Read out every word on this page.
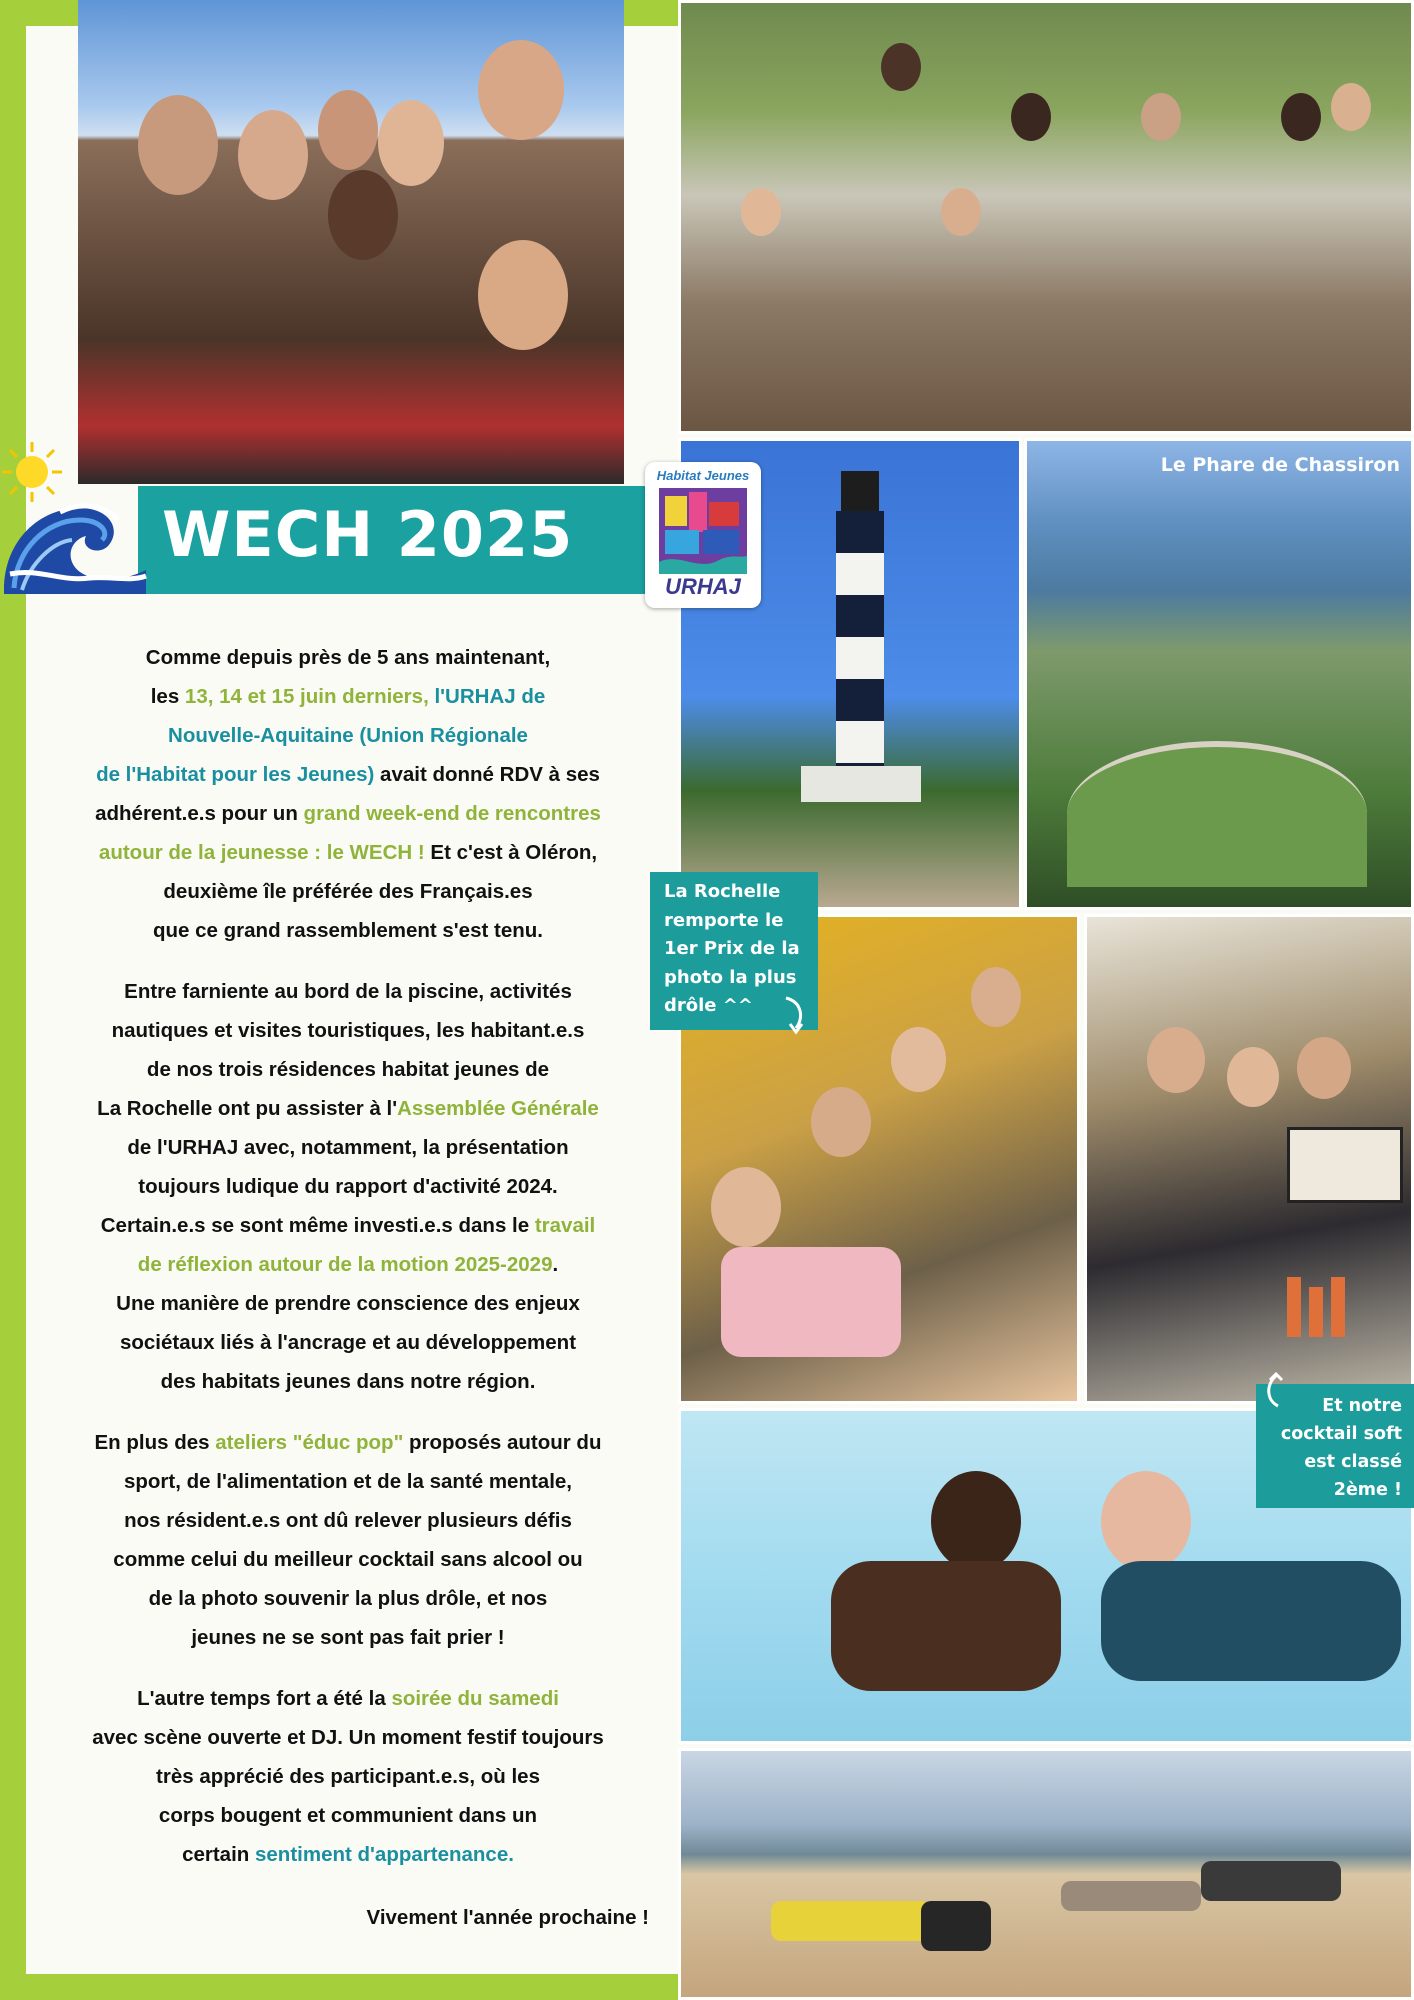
Le Phare de Chassiron
La Rochelle
remporte le
1er Prix de la
photo la plus
drôle ^^
Et notre
cocktail soft
est classé
2ème !
WECH 2025
Habitat Jeunes
URHAJ
Comme depuis près de 5 ans maintenant,
les 13, 14 et 15 juin derniers, l'URHAJ de
Nouvelle-Aquitaine (Union Régionale
de l'Habitat pour les Jeunes) avait donné RDV à ses
adhérent.e.s pour un grand week-end de rencontres
autour de la jeunesse : le WECH ! Et c'est à Oléron,
deuxième île préférée des Français.es
que ce grand rassemblement s'est tenu.
Entre farniente au bord de la piscine, activités
nautiques et visites touristiques, les habitant.e.s
de nos trois résidences habitat jeunes de
La Rochelle ont pu assister à l'Assemblée Générale
de l'URHAJ avec, notamment, la présentation
toujours ludique du rapport d'activité 2024.
Certain.e.s se sont même investi.e.s dans le travail
de réflexion autour de la motion 2025-2029.
Une manière de prendre conscience des enjeux
sociétaux liés à l'ancrage et au développement
des habitats jeunes dans notre région.
En plus des ateliers "éduc pop" proposés autour du
sport, de l'alimentation et de la santé mentale,
nos résident.e.s ont dû relever plusieurs défis
comme celui du meilleur cocktail sans alcool ou
de la photo souvenir la plus drôle, et nos
jeunes ne se sont pas fait prier !
L'autre temps fort a été la soirée du samedi
avec scène ouverte et DJ. Un moment festif toujours
très apprécié des participant.e.s, où les
corps bougent et communient dans un
certain sentiment d'appartenance.
Vivement l'année prochaine !
